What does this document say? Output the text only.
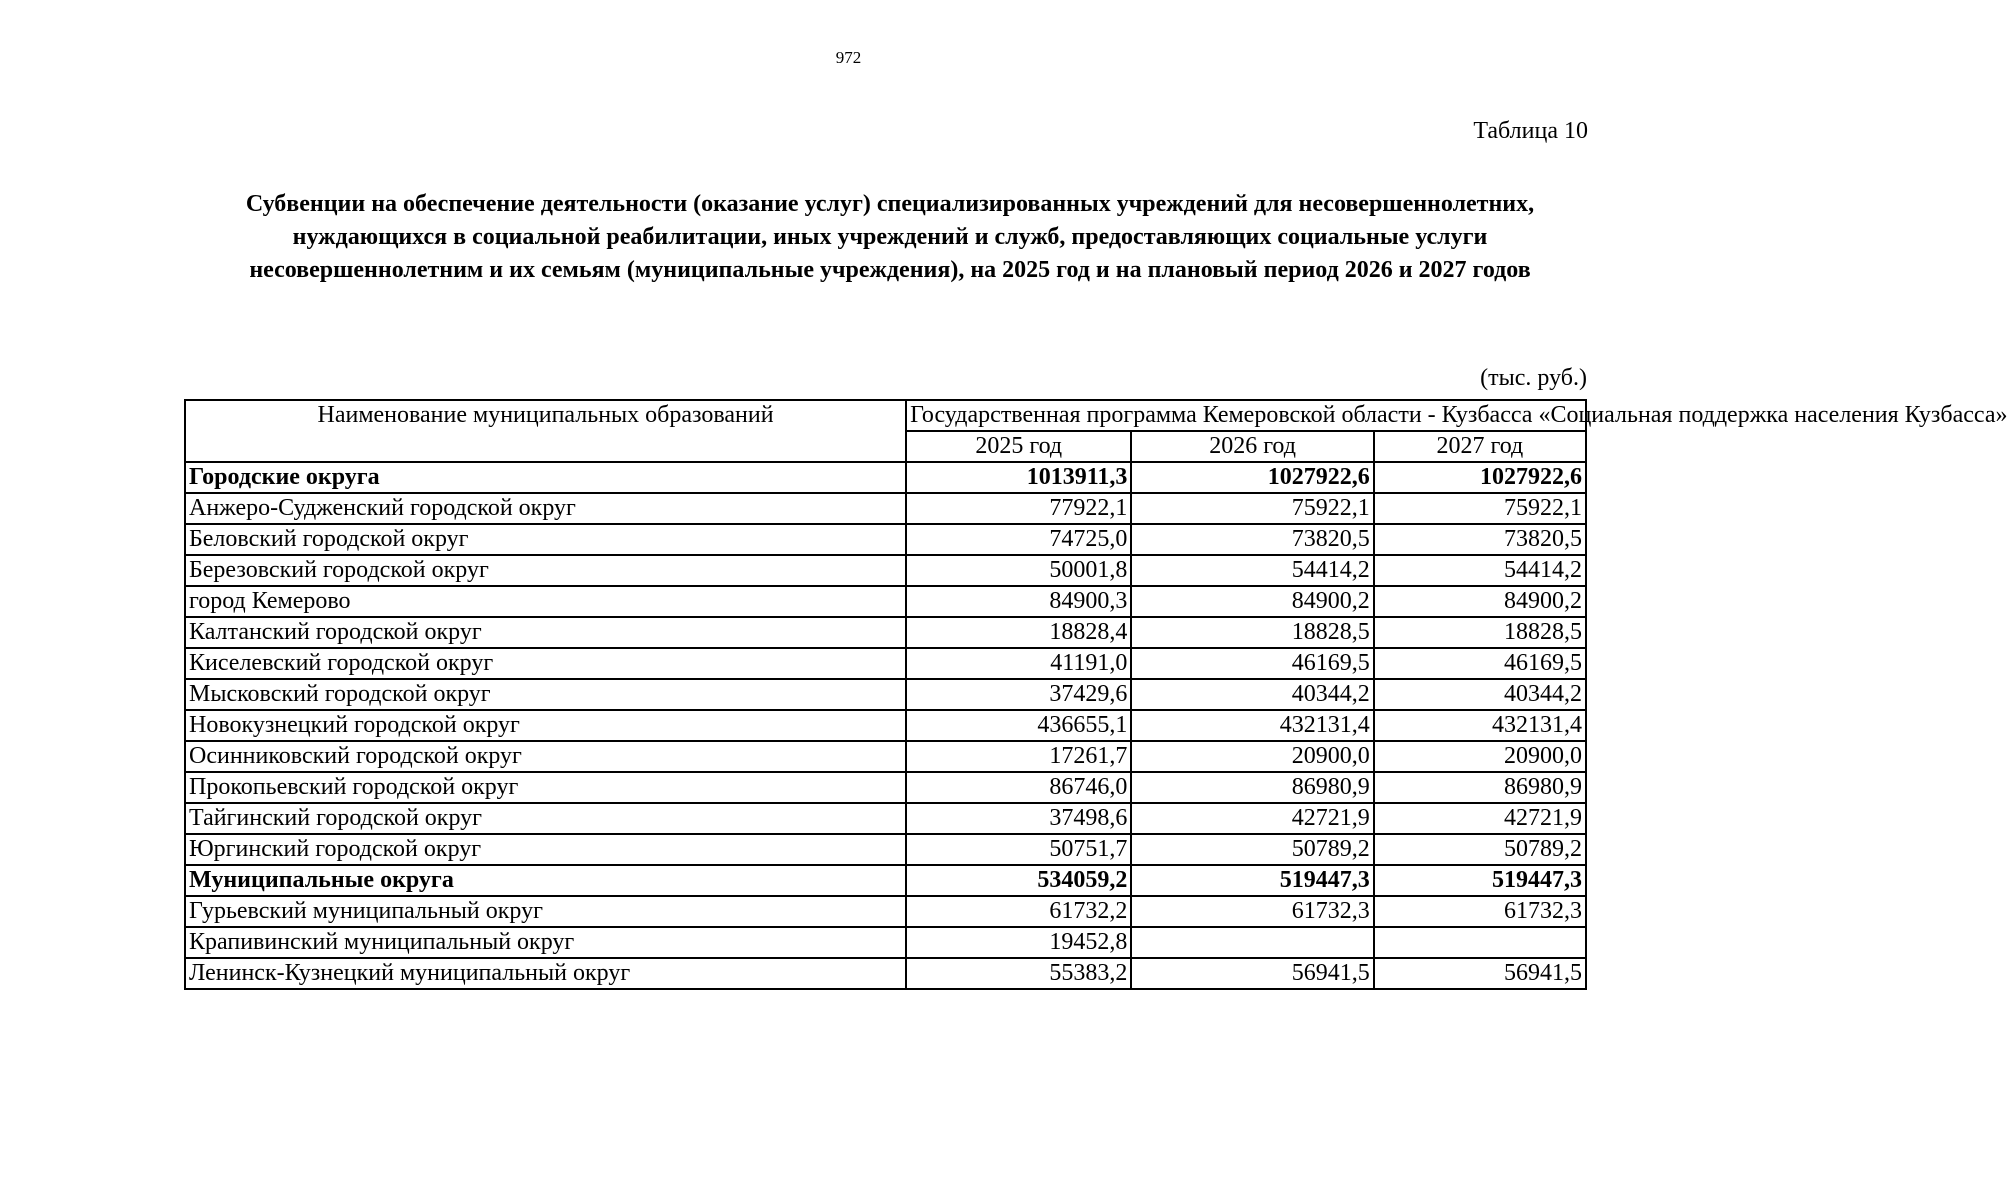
972
Таблица 10
Субвенции на обеспечение деятельности (оказание услуг) специализированных учреждений для несовершеннолетних, нуждающихся в социальной реабилитации, иных учреждений и служб, предоставляющих социальные услуги несовершеннолетним и их семьям (муниципальные учреждения), на 2025 год и на плановый период 2026 и 2027 годов
(тыс. руб.)
Наименование муниципальных образований	Государственная программа Кемеровской области - Кузбасса «Социальная поддержка населения Кузбасса»		
	2025 год	2026 год	2027 год
Городские округа	1013911,3	1027922,6	1027922,6
Анжеро-Судженский городской округ	77922,1	75922,1	75922,1
Беловский городской округ	74725,0	73820,5	73820,5
Березовский городской округ	50001,8	54414,2	54414,2
город Кемерово	84900,3	84900,2	84900,2
Калтанский городской округ	18828,4	18828,5	18828,5
Киселевский городской округ	41191,0	46169,5	46169,5
Мысковский городской округ	37429,6	40344,2	40344,2
Новокузнецкий городской округ	436655,1	432131,4	432131,4
Осинниковский городской округ	17261,7	20900,0	20900,0
Прокопьевский городской округ	86746,0	86980,9	86980,9
Тайгинский городской округ	37498,6	42721,9	42721,9
Юргинский городской округ	50751,7	50789,2	50789,2
Муниципальные округа	534059,2	519447,3	519447,3
Гурьевский муниципальный округ	61732,2	61732,3	61732,3
Крапивинский муниципальный округ	19452,8		
Ленинск-Кузнецкий муниципальный округ	55383,2	56941,5	56941,5
